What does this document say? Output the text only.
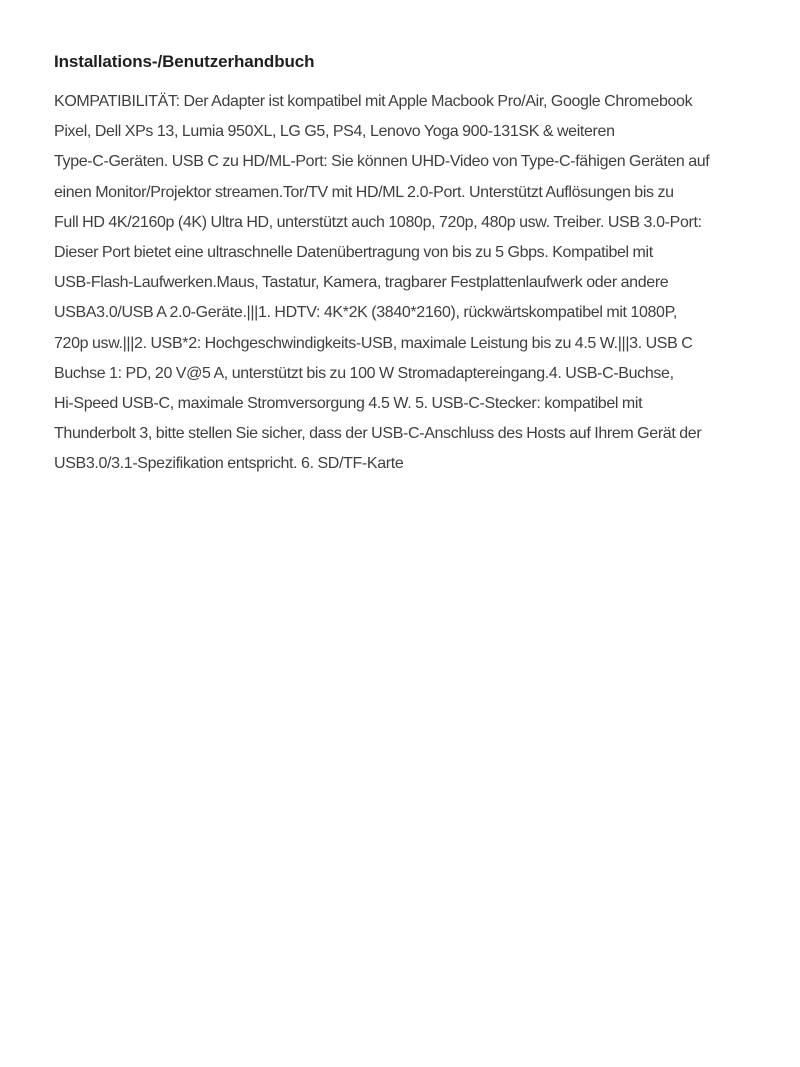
Installations-/Benutzerhandbuch

KOMPATIBILITÄT: Der Adapter ist kompatibel mit Apple Macbook Pro/Air, Google Chromebook
Pixel, Dell XPs 13, Lumia 950XL, LG G5, PS4, Lenovo Yoga 900-131SK & weiteren
Type-C-Geräten. USB C zu HD/ML-Port: Sie können UHD-Video von Type-C-fähigen Geräten auf
einen Monitor/Projektor streamen.Tor/TV mit HD/ML 2.0-Port. Unterstützt Auflösungen bis zu
Full HD 4K/2160p (4K) Ultra HD, unterstützt auch 1080p, 720p, 480p usw. Treiber. USB 3.0-Port:
Dieser Port bietet eine ultraschnelle Datenübertragung von bis zu 5 Gbps. Kompatibel mit
USB-Flash-Laufwerken.Maus, Tastatur, Kamera, tragbarer Festplattenlaufwerk oder andere
USBA3.0/USB A 2.0-Geräte.|||1. HDTV: 4K*2K (3840*2160), rückwärtskompatibel mit 1080P,
720p usw.|||2. USB*2: Hochgeschwindigkeits-USB, maximale Leistung bis zu 4.5 W.|||3. USB C
Buchse 1: PD, 20 V@5 A, unterstützt bis zu 100 W Stromadaptereingang.4. USB-C-Buchse,
Hi-Speed USB-C, maximale Stromversorgung 4.5 W. 5. USB-C-Stecker: kompatibel mit
Thunderbolt 3, bitte stellen Sie sicher, dass der USB-C-Anschluss des Hosts auf Ihrem Gerät der
USB3.0/3.1-Spezifikation entspricht. 6. SD/TF-Karte
